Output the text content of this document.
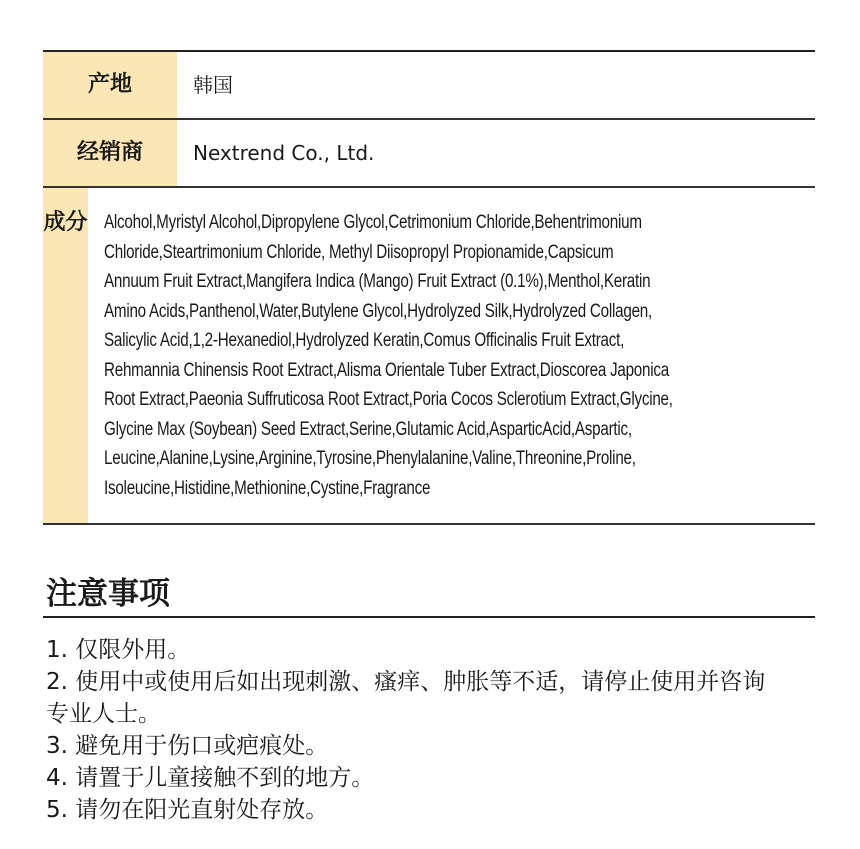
产地	韩国
经销商	Nextrend Co., Ltd.
成分 Alcohol,Myristyl Alcohol,Dipropylene Glycol,Cetrimonium Chloride,Behentrimonium
Chloride,Steartrimonium Chloride, Methyl Diisopropyl Propionamide,Capsicum
Annuum Fruit Extract,Mangifera Indica (Mango) Fruit Extract (0.1%),Menthol,Keratin
Amino Acids,Panthenol,Water,Butylene Glycol,Hydrolyzed Silk,Hydrolyzed Collagen,
Salicylic Acid,1,2-Hexanediol,Hydrolyzed Keratin,Comus Officinalis Fruit Extract,
Rehmannia Chinensis Root Extract,Alisma Orientale Tuber Extract,Dioscorea Japonica
Root Extract,Paeonia Suffruticosa Root Extract,Poria Cocos Sclerotium Extract,Glycine,
Glycine Max (Soybean) Seed Extract,Serine,Glutamic Acid,AsparticAcid,Aspartic,
Leucine,Alanine,Lysine,Arginine,Tyrosine,Phenylalanine,Valine,Threonine,Proline,
Isoleucine,Histidine,Methionine,Cystine,Fragrance
注意事项
1. 仅限外用。
2. 使用中或使用后如出现刺激、瘙痒、肿胀等不适，请停止使用并咨询
专业人士。
3. 避免用于伤口或疤痕处。
4. 请置于儿童接触不到的地方。
5. 请勿在阳光直射处存放。
